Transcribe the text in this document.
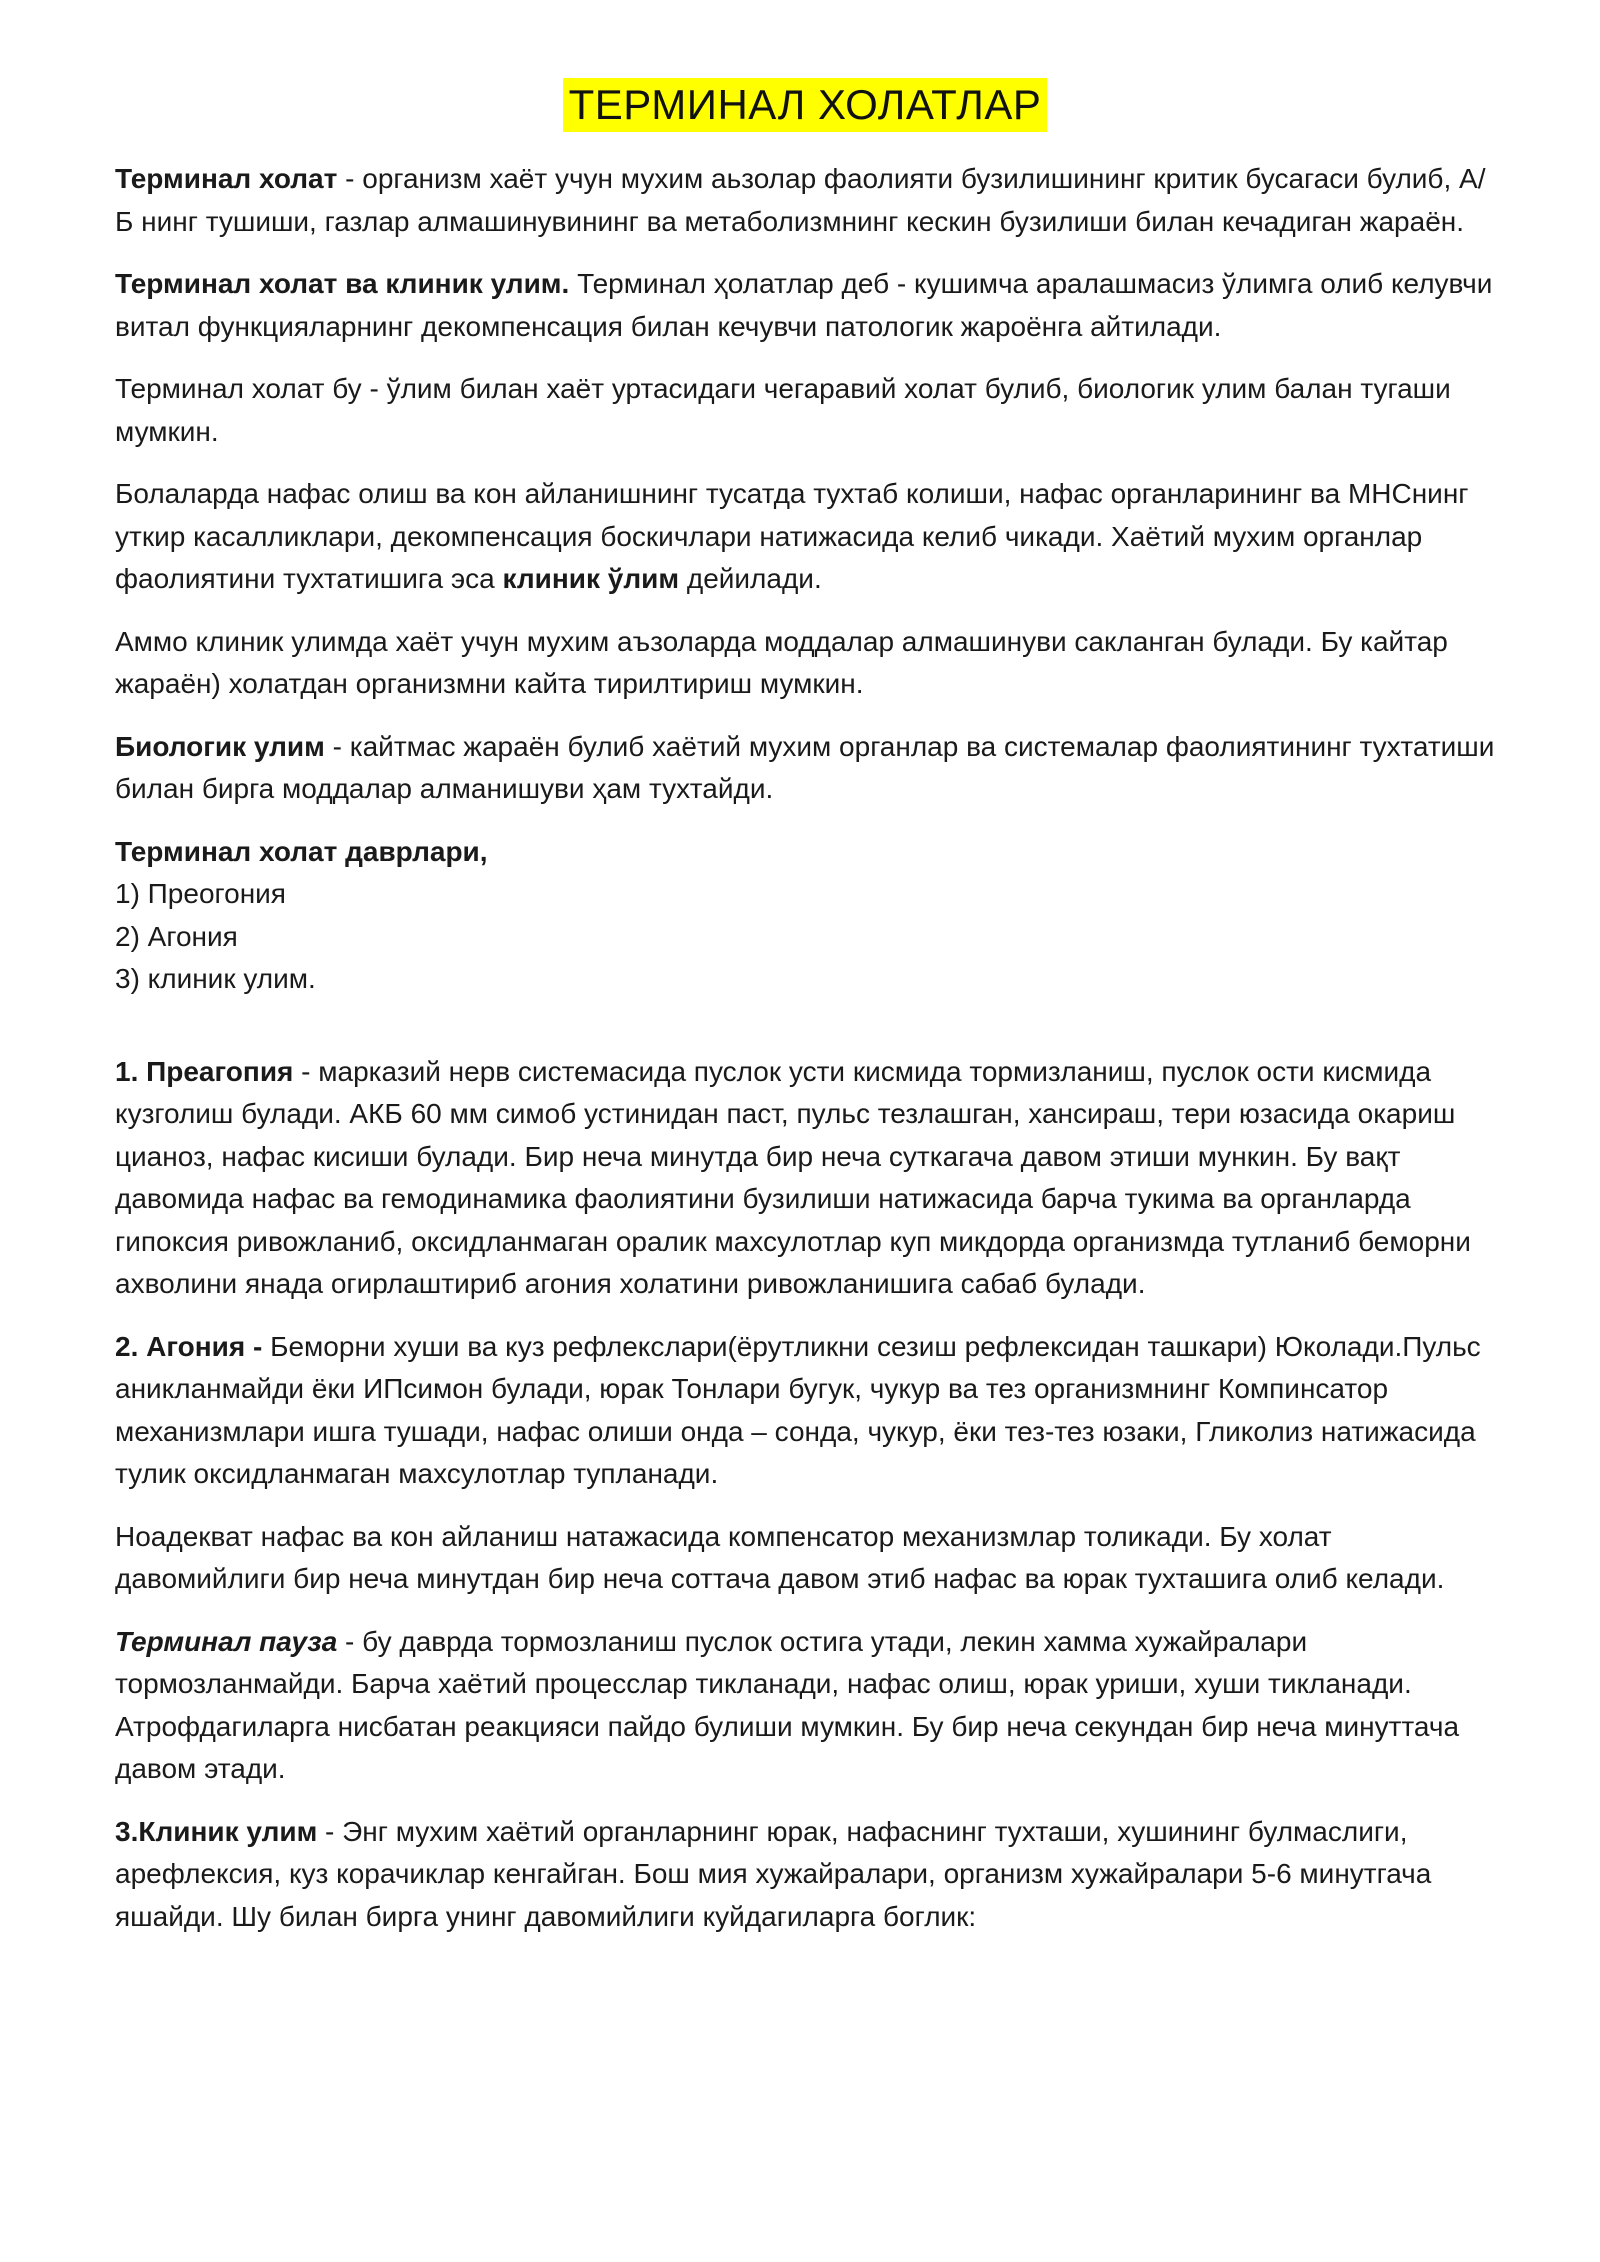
ТЕРМИНАЛ ХОЛАТЛАР

Терминал холат - организм хаёт учун мухим аьзолар фаолияти бузилишининг критик бусагаси булиб, А/Б нинг тушиши, газлар алмашинувининг ва метаболизмнинг кескин бузилиши билан кечадиган жараён.

Терминал холат ва клиник улим. Терминал ҳолатлар деб - кушимча аралашмасиз ўлимга олиб келувчи витал функцияларнинг декомпенсация билан кечувчи патологик жароёнга айтилади.

Терминал холат бу - ўлим билан хаёт уртасидаги чегаравий холат булиб, биологик улим балан тугаши мумкин.

Болаларда нафас олиш ва кон айланишнинг тусатда тухтаб колиши, нафас органларининг ва МНСнинг уткир касалликлари, декомпенсация боскичлари натижасида келиб чикади. Хаётий мухим органлар фаолиятини тухтатишига эса клиник ўлим дейилади.

Аммо клиник улимда хаёт учун мухим аъзоларда моддалар алмашинуви сакланган булади. Бу кайтар жараён) холатдан организмни кайта тирилтириш мумкин.

Биологик улим - кайтмас жараён булиб хаётий мухим органлар ва системалар фаолиятининг тухтатиши билан бирга моддалар алманишуви ҳам тухтайди.

Терминал холат даврлари,
1) Преогония
2) Агония
3) клиник улим.

1. Преагопия - марказий нерв системасида пуслок усти кисмида тормизланиш, пуслок ости кисмида кузголиш булади. АКБ 60 мм симоб устинидан паст, пульс тезлашган, хансираш, тери юзасида окариш цианоз, нафас кисиши булади. Бир неча минутда бир неча суткагача давом этиши мункин. Бу вақт давомида нафас ва гемодинамика фаолиятини бузилиши натижасида барча тукима ва органларда гипоксия ривожланиб, оксидланмаган оралик махсулотлар куп микдорда организмда тутланиб беморни ахволини янада огирлаштириб агония холатини ривожланишига сабаб булади.

2. Агония - Беморни хуши ва куз рефлекслари(ёрутликни сезиш рефлексидан ташкари) Юколади.Пульс аникланмайди ёки ИПсимон булади, юрак Тонлари бугук, чукур ва тез организмнинг Компинсатор механизмлари ишга тушади, нафас олиши онда – сонда, чукур, ёки тез-тез юзаки, Гликолиз натижасида тулик оксидланмаган махсулотлар тупланади.

Ноадекват нафас ва кон айланиш натажасида компенсатор механизмлар толикади. Бу холат давомийлиги бир неча минутдан бир неча соттача давом этиб нафас ва юрак тухташига олиб келади.

Терминал пауза - бу даврда тормозланиш пуслок остига утади, лекин хамма хужайралари тормозланмайди. Барча хаётий процесслар тикланади, нафас олиш, юрак уриши, хуши тикланади. Атрофдагиларга нисбатан реакцияси пайдо булиши мумкин. Бу бир неча секундан бир неча минуттача давом этади.

3.Клиник улим - Энг мухим хаётий органларнинг юрак, нафаснинг тухташи, хушининг булмаслиги, арефлексия, куз корачиклар кенгайган. Бош мия хужайралари, организм хужайралари 5-6 минутгача яшайди. Шу билан бирга унинг давомийлиги куйдагиларга боглик:
